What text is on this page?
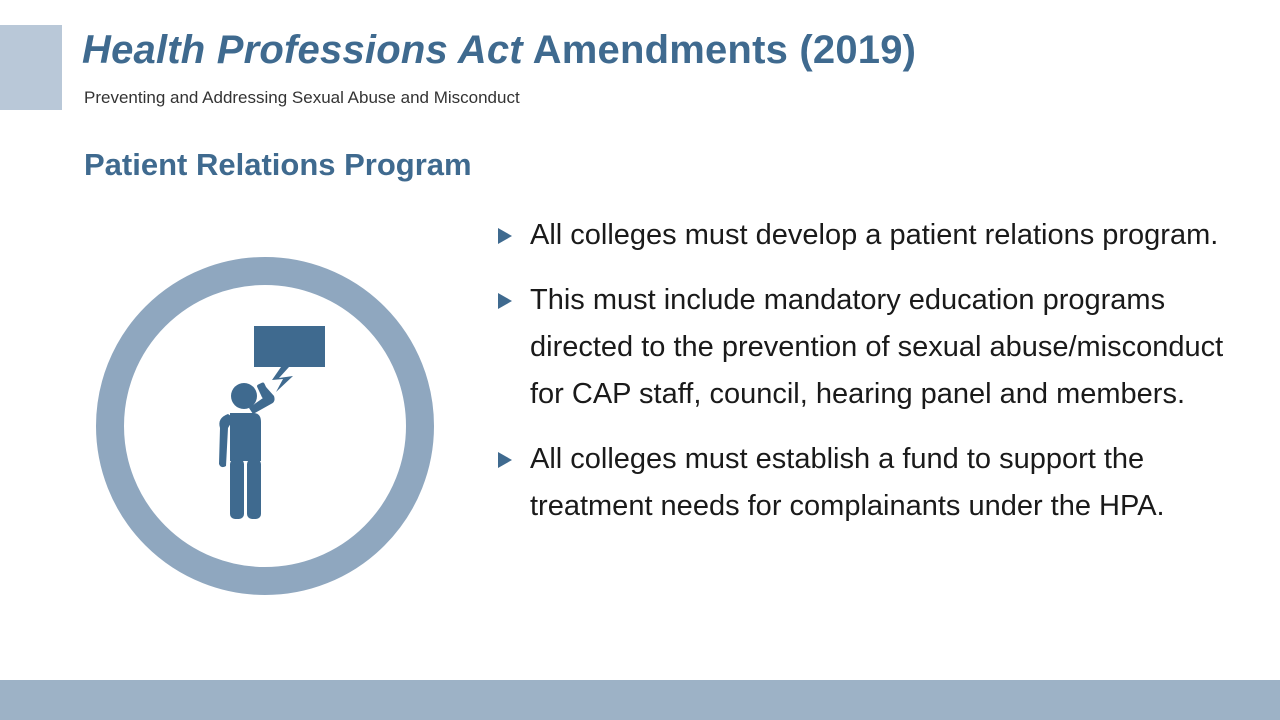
Health Professions Act Amendments (2019)
Preventing and Addressing Sexual Abuse and Misconduct
Patient Relations Program
All colleges must develop a patient relations program.
This must include mandatory education programs directed to the prevention of sexual abuse/misconduct for CAP staff, council, hearing panel and members.
All colleges must establish a fund to support the treatment needs for complainants under the HPA.
